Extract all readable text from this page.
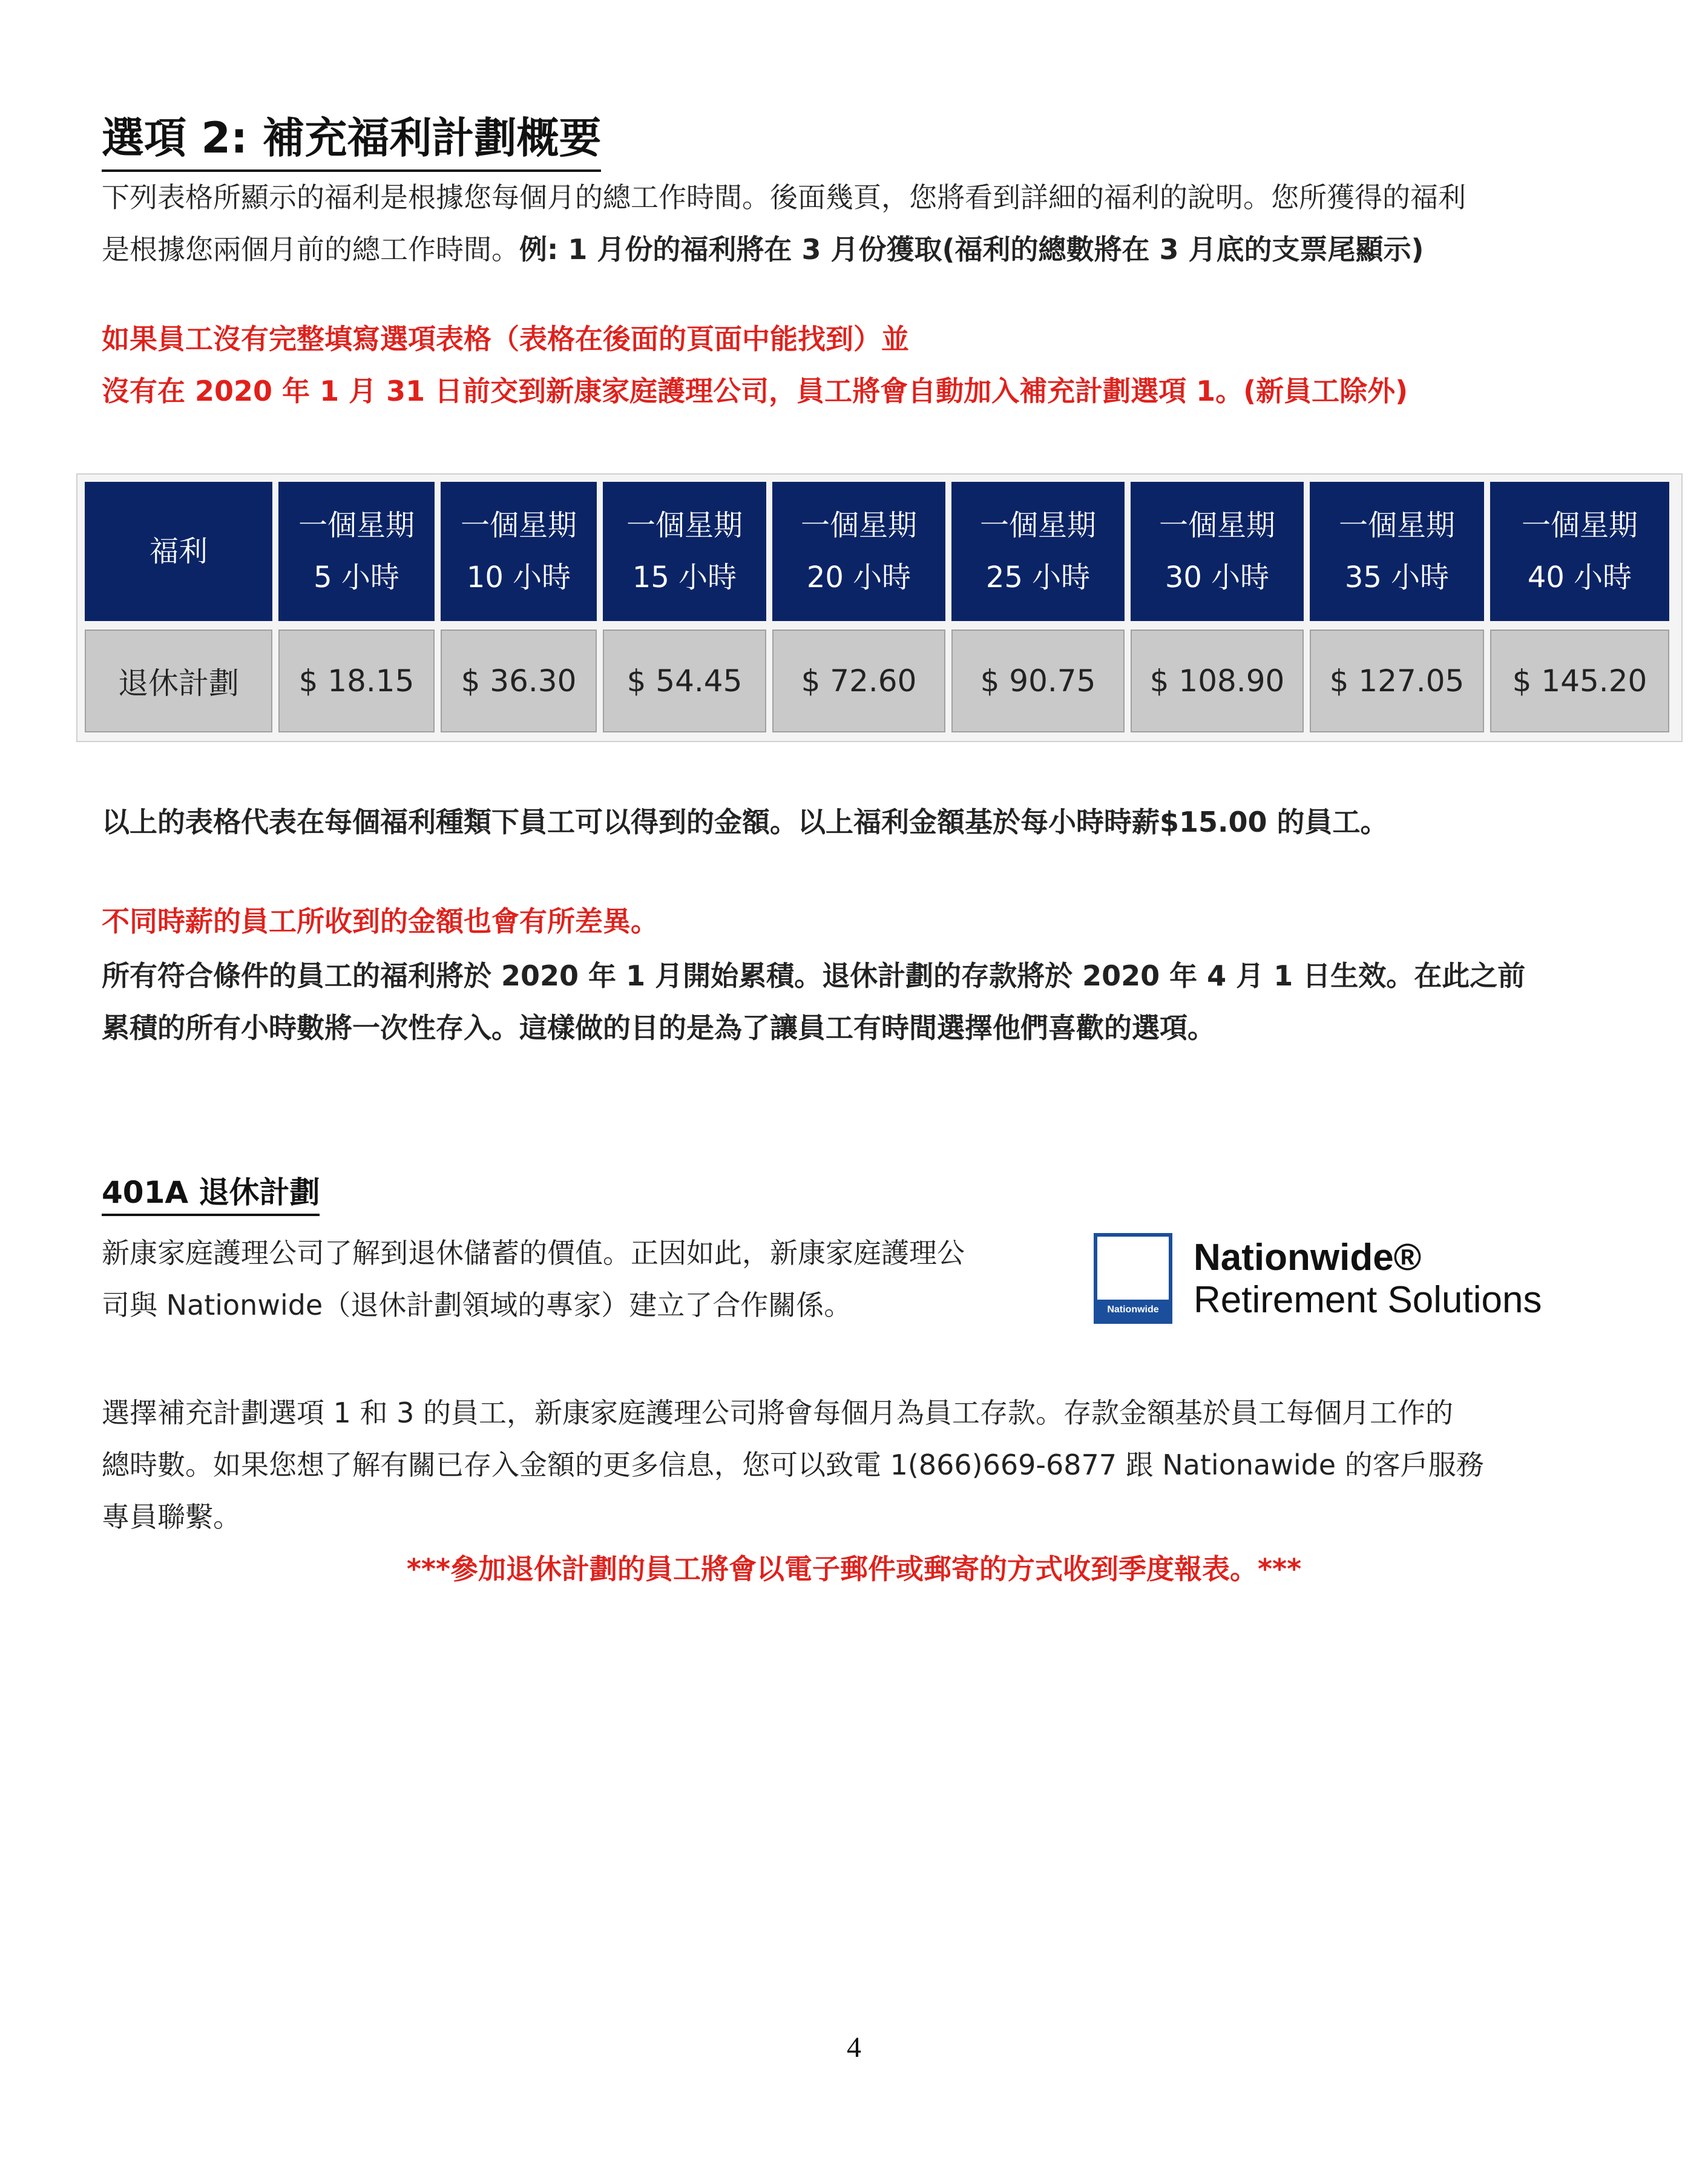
選項 2: 補充福利計劃概要
下列表格所顯示的福利是根據您每個月的總工作時間。後面幾頁，您將看到詳細的福利的說明。您所獲得的福利
是根據您兩個月前的總工作時間。例: 1 月份的福利將在 3 月份獲取(福利的總數將在 3 月底的支票尾顯示)
如果員工沒有完整填寫選項表格（表格在後面的頁面中能找到）並
沒有在 2020 年 1 月 31 日前交到新康家庭護理公司，員工將會自動加入補充計劃選項 1。(新員工除外)
福利
退休計劃
一個星期
5 小時
一個星期
10 小時
一個星期
15 小時
一個星期
20 小時
一個星期
25 小時
一個星期
30 小時
一個星期
35 小時
一個星期
40 小時
$ 18.15 $ 36.30 $ 54.45 $ 72.60 $ 90.75 $ 108.90 $ 127.05 $ 145.20
以上的表格代表在每個福利種類下員工可以得到的金額。以上福利金額基於每小時時薪$15.00 的員工。
不同時薪的員工所收到的金額也會有所差異。
所有符合條件的員工的福利將於 2020 年 1 月開始累積。退休計劃的存款將於 2020 年 4 月 1 日生效。在此之前
累積的所有小時數將一次性存入。這樣做的目的是為了讓員工有時間選擇他們喜歡的選項。
401A 退休計劃
新康家庭護理公司了解到退休儲蓄的價值。正因如此，新康家庭護理公
司與 Nationwide（退休計劃領域的專家）建立了合作關係。	Nationwide
Nationwide®
Retirement Solutions
選擇補充計劃選項 1 和 3 的員工，新康家庭護理公司將會每個月為員工存款。存款金額基於員工每個月工作的
總時數。如果您想了解有關已存入金額的更多信息，您可以致電 1(866)669-6877 跟 Nationawide 的客戶服務
專員聯繫。
***參加退休計劃的員工將會以電子郵件或郵寄的方式收到季度報表。***
4
